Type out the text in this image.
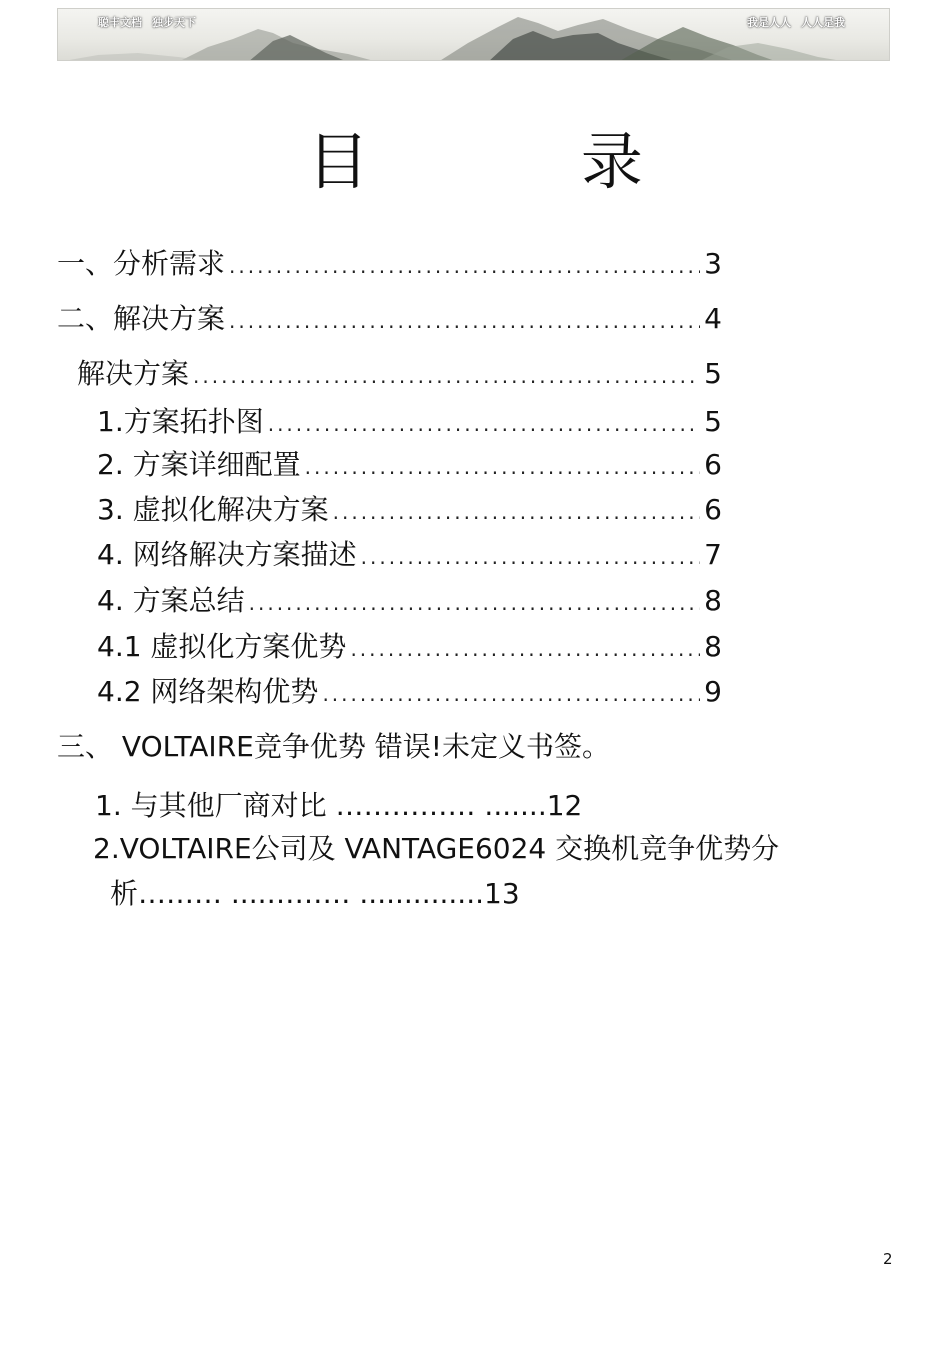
聪丰文档 独步天下	我是人人 人人是我
目 录
一、分析需求 .....	3
二、解决方案 .....	4
解决方案 .....	5
1.方案拓扑图 .....	5
2. 方案详细配置 .....	6
3. 虚拟化解决方案 .....	6
4. 网络解决方案描述 .....	7
4. 方案总结 .....	8
4.1 虚拟化方案优势 .....	8
4.2 网络架构优势 .....	9
三、 VOLTAIRE竞争优势 错误!未定义书签。
1. 与其他厂商对比 …………… .......12
2.VOLTAIRE公司及 VANTAGE6024 交换机竞争优势分
析……… ....……… ..............13
2
